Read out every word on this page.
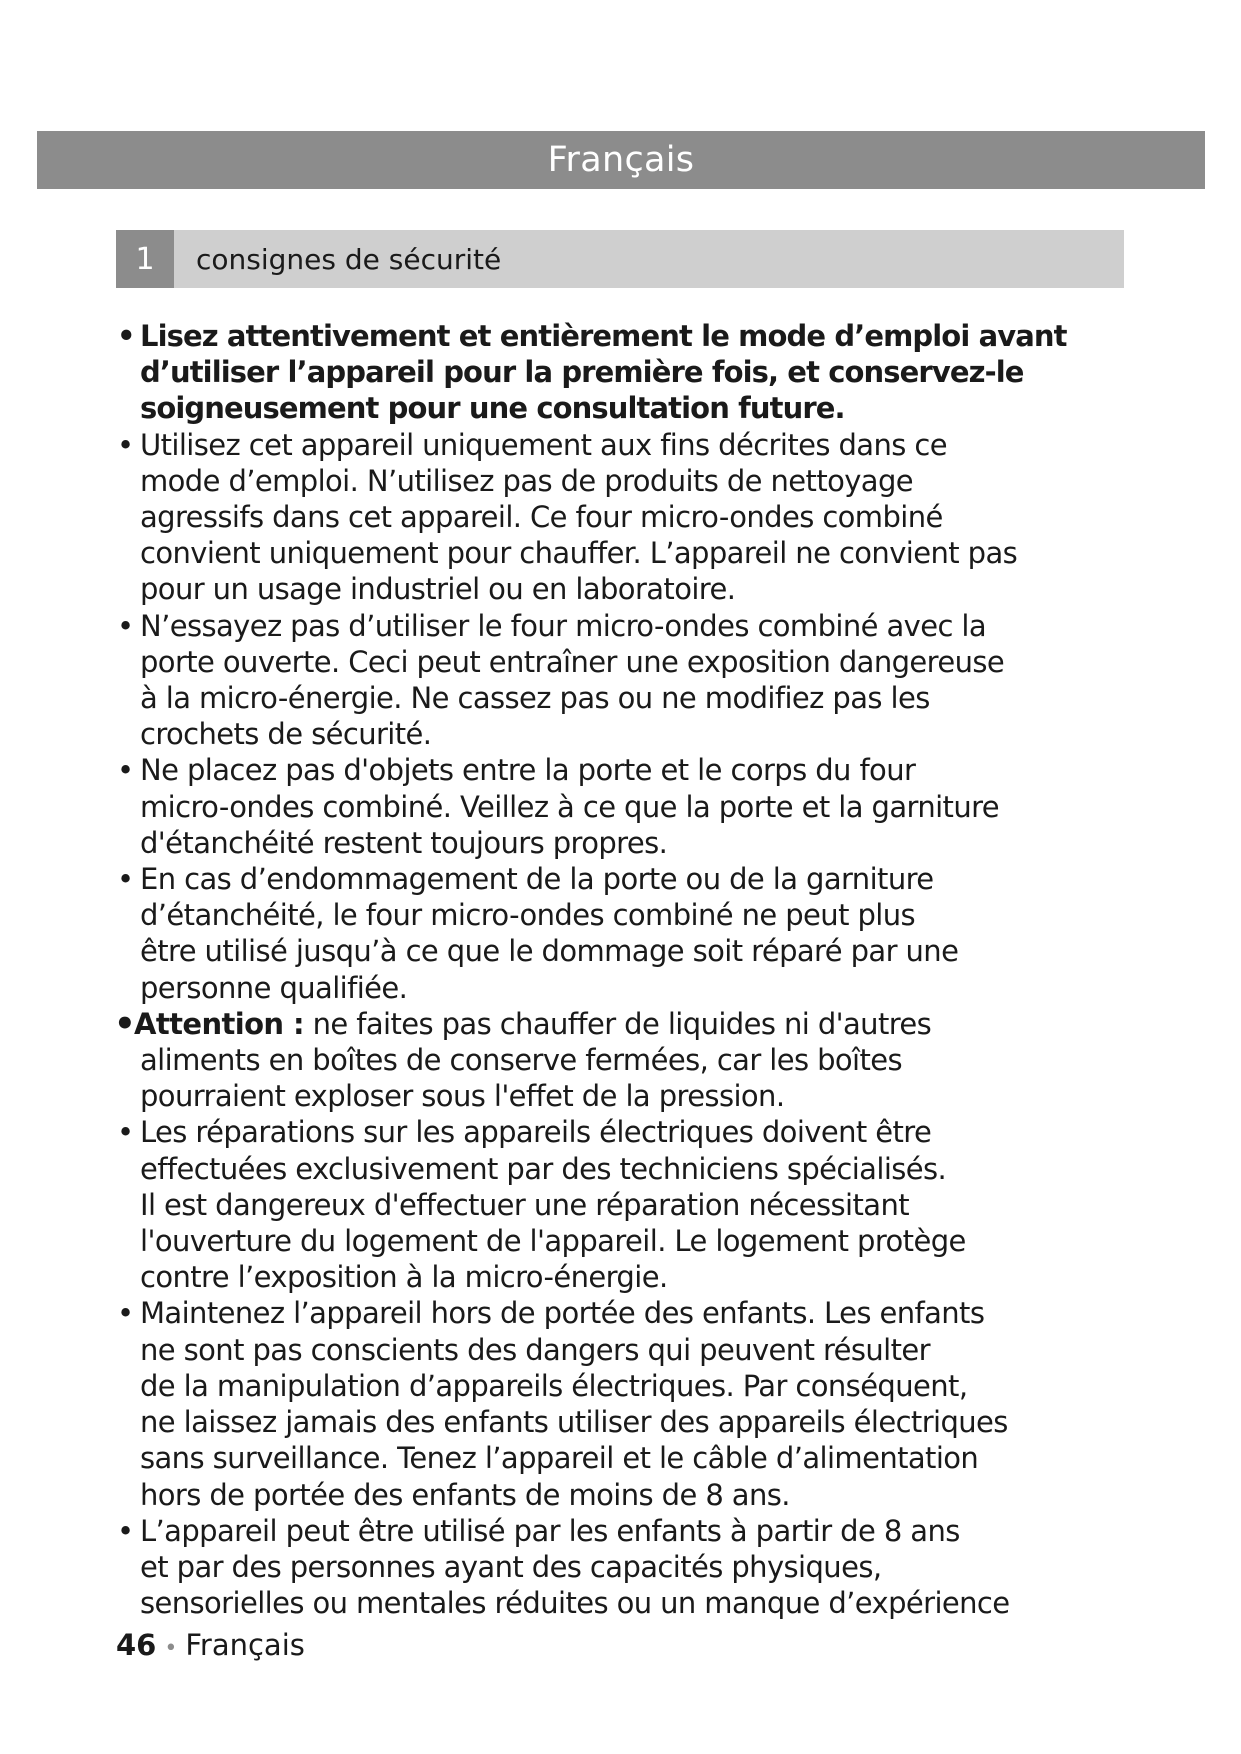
Français
1	consignes de sécurité
• Lisez attentivement et entièrement le mode d’emploi avant
d’utiliser l’appareil pour la première fois, et conservez-le
soigneusement pour une consultation future.
• Utilisez cet appareil uniquement aux fins décrites dans ce
mode d’emploi. N’utilisez pas de produits de nettoyage
agressifs dans cet appareil. Ce four micro-ondes combiné
convient uniquement pour chauffer. L’appareil ne convient pas
pour un usage industriel ou en laboratoire.
• N’essayez pas d’utiliser le four micro-ondes combiné avec la
porte ouverte. Ceci peut entraîner une exposition dangereuse
à la micro-énergie. Ne cassez pas ou ne modifiez pas les
crochets de sécurité.
• Ne placez pas d'objets entre la porte et le corps du four
micro-ondes combiné. Veillez à ce que la porte et la garniture
d'étanchéité restent toujours propres.
• En cas d’endommagement de la porte ou de la garniture
d’étanchéité, le four micro-ondes combiné ne peut plus
être utilisé jusqu’à ce que le dommage soit réparé par une
personne qualifiée.
• Attention : ne faites pas chauffer de liquides ni d'autres
aliments en boîtes de conserve fermées, car les boîtes
pourraient exploser sous l'effet de la pression.
• Les réparations sur les appareils électriques doivent être
effectuées exclusivement par des techniciens spécialisés.
Il est dangereux d'effectuer une réparation nécessitant
l'ouverture du logement de l'appareil. Le logement protège
contre l’exposition à la micro-énergie.
• Maintenez l’appareil hors de portée des enfants. Les enfants
ne sont pas conscients des dangers qui peuvent résulter
de la manipulation d’appareils électriques. Par conséquent,
ne laissez jamais des enfants utiliser des appareils électriques
sans surveillance. Tenez l’appareil et le câble d’alimentation
hors de portée des enfants de moins de 8 ans.
• L’appareil peut être utilisé par les enfants à partir de 8 ans
et par des personnes ayant des capacités physiques,
sensorielles ou mentales réduites ou un manque d’expérience
46 • Français
